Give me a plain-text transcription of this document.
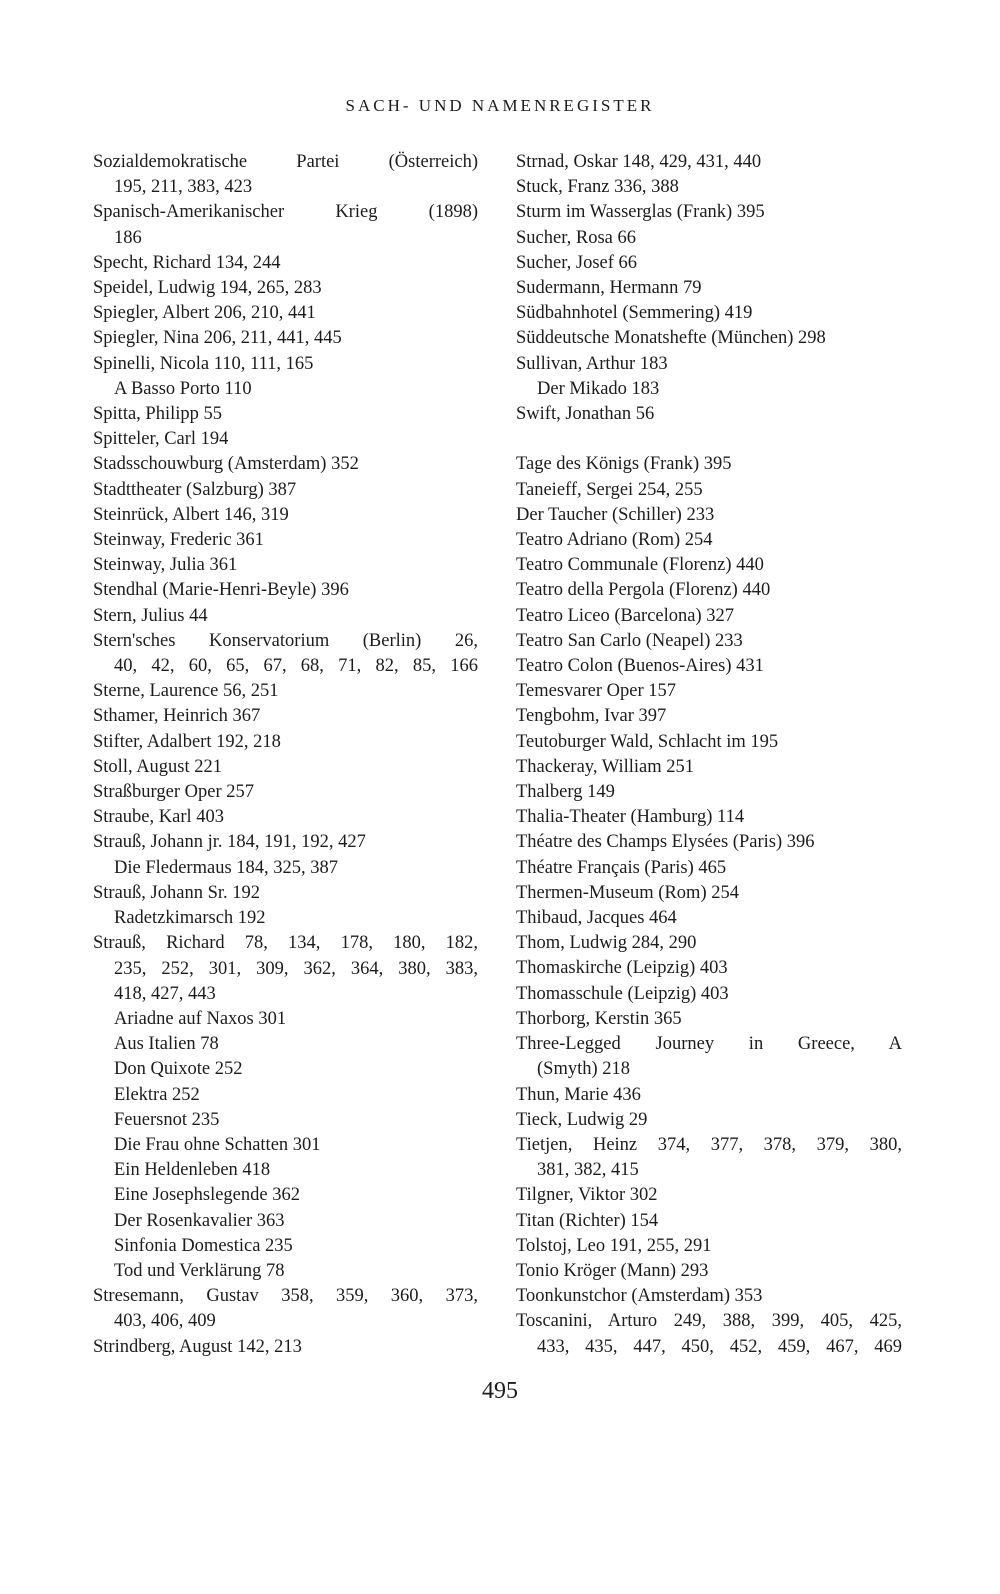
SACH- UND NAMENREGISTER
Sozialdemokratische Partei (Österreich)
195, 211, 383, 423
Spanisch-Amerikanischer Krieg (1898)
186
Specht, Richard 134, 244
Speidel, Ludwig 194, 265, 283
Spiegler, Albert 206, 210, 441
Spiegler, Nina 206, 211, 441, 445
Spinelli, Nicola 110, 111, 165
A Basso Porto 110
Spitta, Philipp 55
Spitteler, Carl 194
Stadsschouwburg (Amsterdam) 352
Stadttheater (Salzburg) 387
Steinrück, Albert 146, 319
Steinway, Frederic 361
Steinway, Julia 361
Stendhal (Marie-Henri-Beyle) 396
Stern, Julius 44
Stern'sches Konservatorium (Berlin) 26,
40, 42, 60, 65, 67, 68, 71, 82, 85, 166
Sterne, Laurence 56, 251
Sthamer, Heinrich 367
Stifter, Adalbert 192, 218
Stoll, August 221
Straßburger Oper 257
Straube, Karl 403
Strauß, Johann jr. 184, 191, 192, 427
Die Fledermaus 184, 325, 387
Strauß, Johann Sr. 192
Radetzkimarsch 192
Strauß, Richard 78, 134, 178, 180, 182,
235, 252, 301, 309, 362, 364, 380, 383,
418, 427, 443
Ariadne auf Naxos 301
Aus Italien 78
Don Quixote 252
Elektra 252
Feuersnot 235
Die Frau ohne Schatten 301
Ein Heldenleben 418
Eine Josephslegende 362
Der Rosenkavalier 363
Sinfonia Domestica 235
Tod und Verklärung 78
Stresemann, Gustav 358, 359, 360, 373,
403, 406, 409
Strindberg, August 142, 213
Strnad, Oskar 148, 429, 431, 440
Stuck, Franz 336, 388
Sturm im Wasserglas (Frank) 395
Sucher, Rosa 66
Sucher, Josef 66
Sudermann, Hermann 79
Südbahnhotel (Semmering) 419
Süddeutsche Monatshefte (München) 298
Sullivan, Arthur 183
Der Mikado 183
Swift, Jonathan 56
Tage des Königs (Frank) 395
Taneieff, Sergei 254, 255
Der Taucher (Schiller) 233
Teatro Adriano (Rom) 254
Teatro Communale (Florenz) 440
Teatro della Pergola (Florenz) 440
Teatro Liceo (Barcelona) 327
Teatro San Carlo (Neapel) 233
Teatro Colon (Buenos-Aires) 431
Temesvarer Oper 157
Tengbohm, Ivar 397
Teutoburger Wald, Schlacht im 195
Thackeray, William 251
Thalberg 149
Thalia-Theater (Hamburg) 114
Théatre des Champs Elysées (Paris) 396
Théatre Français (Paris) 465
Thermen-Museum (Rom) 254
Thibaud, Jacques 464
Thom, Ludwig 284, 290
Thomaskirche (Leipzig) 403
Thomasschule (Leipzig) 403
Thorborg, Kerstin 365
Three-Legged Journey in Greece, A
(Smyth) 218
Thun, Marie 436
Tieck, Ludwig 29
Tietjen, Heinz 374, 377, 378, 379, 380,
381, 382, 415
Tilgner, Viktor 302
Titan (Richter) 154
Tolstoj, Leo 191, 255, 291
Tonio Kröger (Mann) 293
Toonkunstchor (Amsterdam) 353
Toscanini, Arturo 249, 388, 399, 405, 425,
433, 435, 447, 450, 452, 459, 467, 469
495
